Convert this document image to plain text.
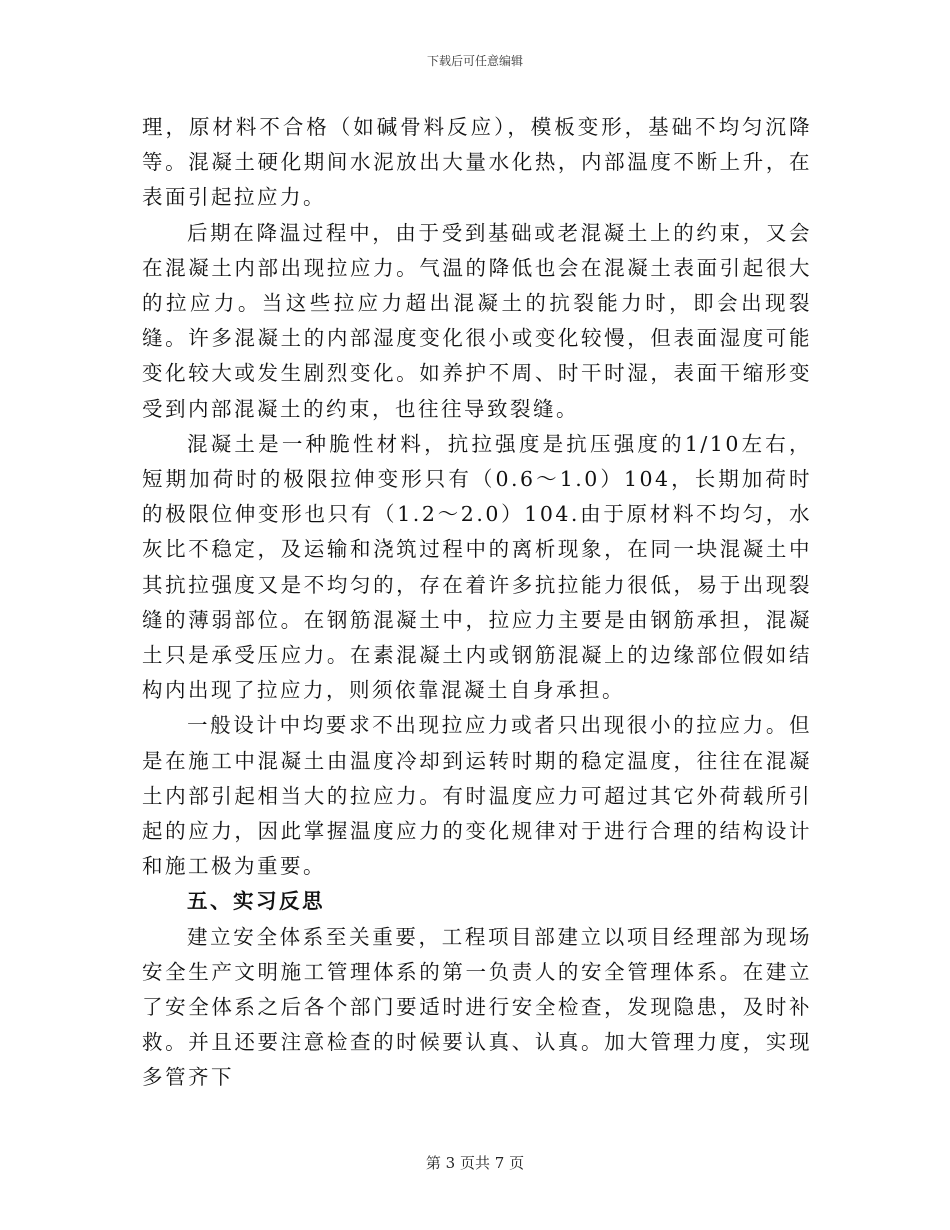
下载后可任意编辑

理，原材料不合格（如碱骨料反应），模板变形，基础不均匀沉降等。混凝土硬化期间水泥放出大量水化热，内部温度不断上升，在表面引起拉应力。

后期在降温过程中，由于受到基础或老混凝土上的约束，又会在混凝土内部出现拉应力。气温的降低也会在混凝土表面引起很大的拉应力。当这些拉应力超出混凝土的抗裂能力时，即会出现裂缝。许多混凝土的内部湿度变化很小或变化较慢，但表面湿度可能变化较大或发生剧烈变化。如养护不周、时干时湿，表面干缩形变受到内部混凝土的约束，也往往导致裂缝。

混凝土是一种脆性材料，抗拉强度是抗压强度的1/10左右，短期加荷时的极限拉伸变形只有（0.6～1.0）104，长期加荷时的极限位伸变形也只有（1.2～2.0）104.由于原材料不均匀，水灰比不稳定，及运输和浇筑过程中的离析现象，在同一块混凝土中其抗拉强度又是不均匀的，存在着许多抗拉能力很低，易于出现裂缝的薄弱部位。在钢筋混凝土中，拉应力主要是由钢筋承担，混凝土只是承受压应力。在素混凝土内或钢筋混凝上的边缘部位假如结构内出现了拉应力，则须依靠混凝土自身承担。

一般设计中均要求不出现拉应力或者只出现很小的拉应力。但是在施工中混凝土由温度冷却到运转时期的稳定温度，往往在混凝土内部引起相当大的拉应力。有时温度应力可超过其它外荷载所引起的应力，因此掌握温度应力的变化规律对于进行合理的结构设计和施工极为重要。

五、实习反思

建立安全体系至关重要，工程项目部建立以项目经理部为现场安全生产文明施工管理体系的第一负责人的安全管理体系。在建立了安全体系之后各个部门要适时进行安全检查，发现隐患，及时补救。并且还要注意检查的时候要认真、认真。加大管理力度，实现多管齐下

第 3 页共 7 页
